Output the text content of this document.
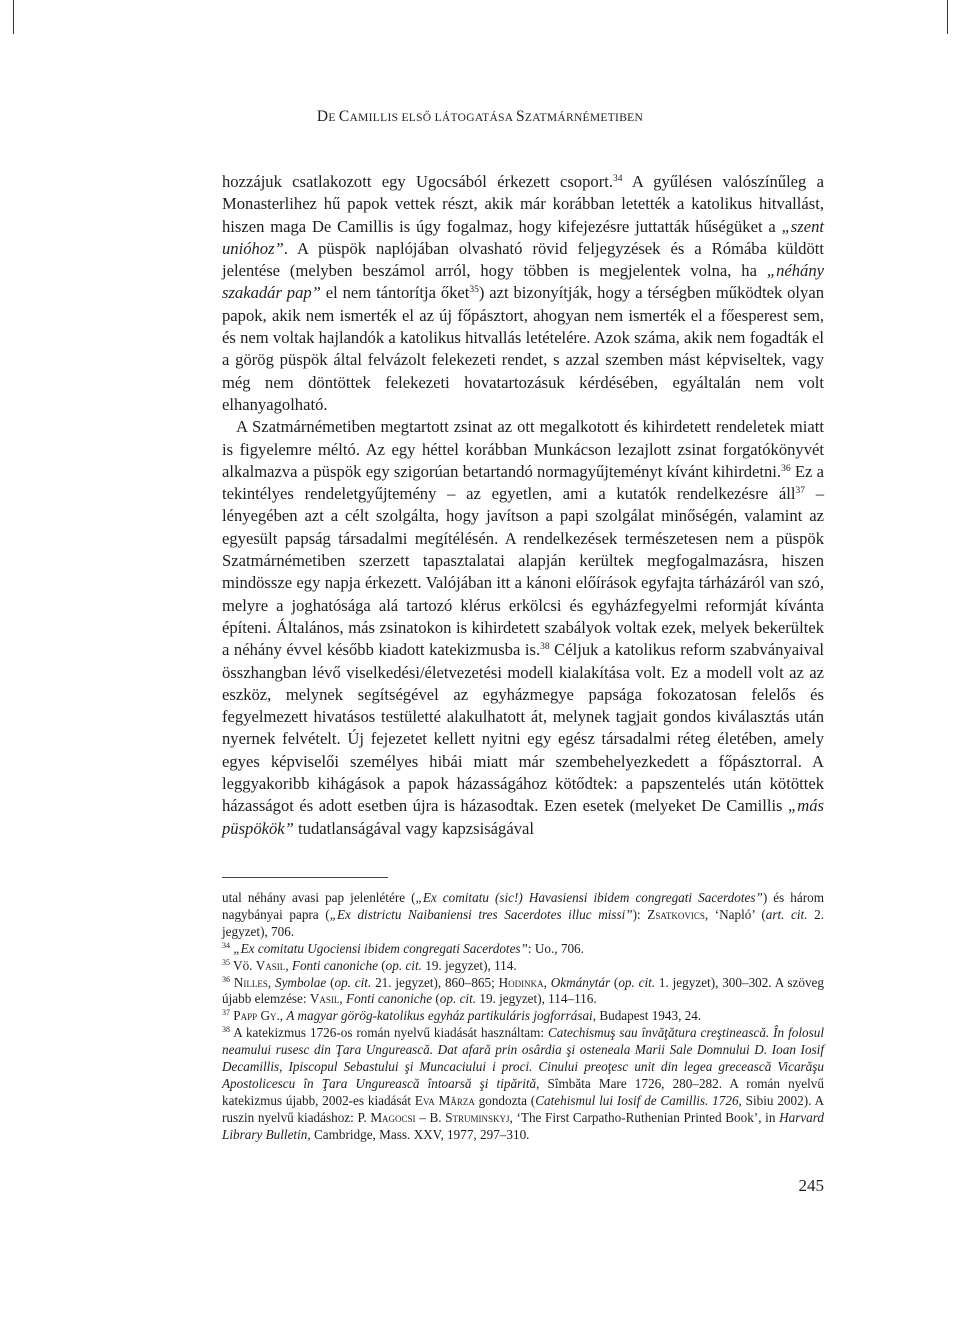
DE CAMILLIS ELSŐ LÁTOGATÁSA SZATMÁRNÉMETIBEN

hozzájuk csatlakozott egy Ugocsából érkezett csoport.$^{34}$ A gyűlésen valószínűleg a Monasterlihez hű papok vettek részt, akik már korábban letették a katolikus hitvallást, hiszen maga De Camillis is úgy fogalmaz, hogy kifejezésre juttatták hűségüket a „szent unióhoz”. A püspök naplójában olvasható rövid feljegyzések és a Rómába küldött jelentése (melyben beszámol arról, hogy többen is megjelentek volna, ha „néhány szakadár pap” el nem tántorítja őket$^{35}$) azt bizonyítják, hogy a térségben működtek olyan papok, akik nem ismerték el az új főpásztort, ahogyan nem ismerték el a főesperest sem, és nem voltak hajlandók a katolikus hitvallás letételére. Azok száma, akik nem fogadták el a görög püspök által felvázolt felekezeti rendet, s azzal szemben mást képviseltek, vagy még nem döntöttek felekezeti hovatartozásuk kérdésében, egyáltalán nem volt elhanyagolható.

A Szatmárnémetiben megtartott zsinat az ott megalkotott és kihirdetett rendeletek miatt is figyelemre méltó. Az egy héttel korábban Munkácson lezajlott zsinat forgatókönyvét alkalmazva a püspök egy szigorúan betartandó normagyűjteményt kívánt kihirdetni.$^{36}$ Ez a tekintélyes rendeletgyűjtemény – az egyetlen, ami a kutatók rendelkezésre áll$^{37}$ – lényegében azt a célt szolgálta, hogy javítson a papi szolgálat minőségén, valamint az egyesült papság társadalmi megítélésén. A rendelkezések természetesen nem a püspök Szatmárnémetiben szerzett tapasztalatai alapján kerültek megfogalmazásra, hiszen mindössze egy napja érkezett. Valójában itt a kánoni előírások egyfajta tárházáról van szó, melyre a joghatósága alá tartozó klérus erkölcsi és egyházfegyelmi reformját kívánta építeni. Általános, más zsinatokon is kihirdetett szabályok voltak ezek, melyek bekerültek a néhány évvel később kiadott katekizmusba is.$^{38}$ Céljuk a katolikus reform szabványaival összhangban lévő viselkedési/életvezetési modell kialakítása volt. Ez a modell volt az az eszköz, melynek segítségével az egyházmegye papsága fokozatosan felelős és fegyelmezett hivatásos testületté alakulhatott át, melynek tagjait gondos kiválasztás után nyernek felvételt. Új fejezetet kellett nyitni egy egész társadalmi réteg életében, amely egyes képviselői személyes hibái miatt már szembehelyezkedett a főpásztorral. A leggyakoribb kihágások a papok házasságához kötődtek: a papszentelés után kötöttek házasságot és adott esetben újra is házasodtak. Ezen esetek (melyeket De Camillis „más püspökök” tudatlanságával vagy kapzsiságával

utal néhány avasi pap jelenlétére („Ex comitatu (sic!) Havasiensi ibidem congregati Sacerdotes”) és három nagybányai papra („Ex districtu Naibaniensi tres Sacerdotes illuc missi”): Zsatkovics, ‘Napló’ (art. cit. 2. jegyzet), 706.

$^{34}$ „Ex comitatu Ugociensi ibidem congregati Sacerdotes”: Uo., 706.

$^{35}$ Vö. Vasil, Fonti canoniche (op. cit. 19. jegyzet), 114.

$^{36}$ Nilles, Symbolae (op. cit. 21. jegyzet), 860–865; Hodinka, Okmánytár (op. cit. 1. jegyzet), 300–302. A szöveg újabb elemzése: Vasil, Fonti canoniche (op. cit. 19. jegyzet), 114–116.

$^{37}$ Papp Gy., A magyar görög-katolikus egyház partikuláris jogforrásai, Budapest 1943, 24.

$^{38}$ A katekizmus 1726-os román nyelvű kiadását használtam: Catechismuş sau învăţătura creştinească. În folosul neamului rusesc din Ţara Ungurească. Dat afară prin osârdia şi osteneala Marii Sale Domnului D. Ioan Iosif Decamillis, Ipiscopul Sebastului şi Muncaciului i proci. Cinului preoţesc unit din legea grecească Vicarăşu Apostolicescu în Ţara Ungurească întoarsă şi tipărită, Sîmbăta Mare 1726, 280–282. A román nyelvű katekizmus újabb, 2002-es kiadását Eva Mârza gondozta (Catehismul lui Iosif de Camillis. 1726, Sibiu 2002). A ruszin nyelvű kiadáshoz: P. Magocsi – B. Struminskyj, ‘The First Carpatho-Ruthenian Printed Book’, in Harvard Library Bulletin, Cambridge, Mass. XXV, 1977, 297–310.

245
